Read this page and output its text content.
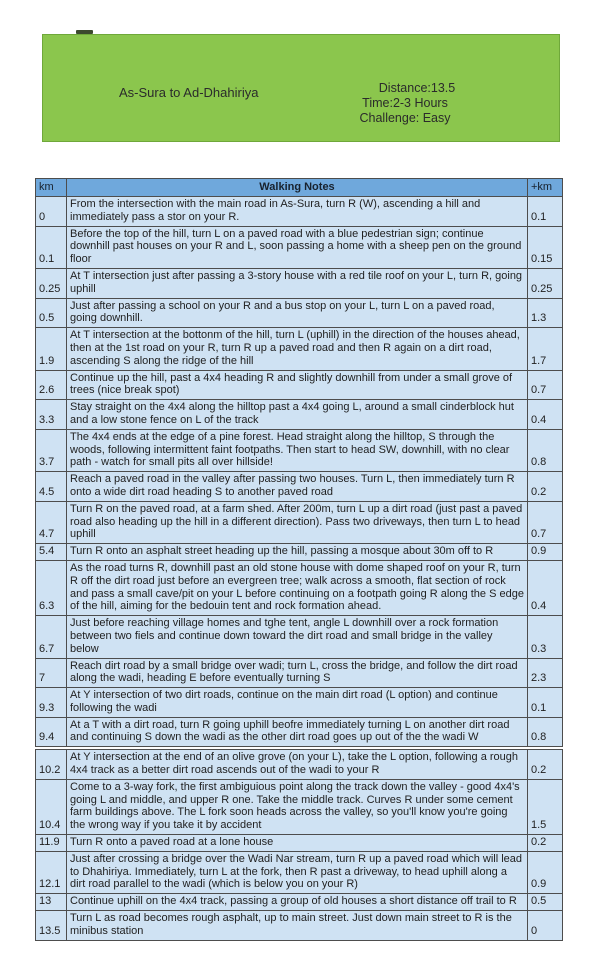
As-Sura to Ad-Dhahiriya	Distance:13.5
Time:2-3 Hours
Challenge: Easy
km	Walking Notes	+km
0	From the intersection with the main road in As-Sura, turn R (W), ascending a hill and immediately pass a stor on your R.	0.1
0.1	Before the top of the hill, turn L on a paved road with a blue pedestrian sign; continue downhill past houses on your R and L, soon passing a home with a sheep pen on the ground floor	0.15
0.25	At T intersection just after passing a 3-story house with a red tile roof on your L, turn R, going uphill	0.25
0.5	Just after passing a school on your R and a bus stop on your L, turn L on a paved road, going downhill.	1.3
1.9	At T intersection at the bottonm of the hill, turn L (uphill) in the direction of the houses ahead, then at the 1st road on your R, turn R up a paved road and then R again on a dirt road, ascending S along the ridge of the hill	1.7
2.6	Continue up the hill, past a 4x4 heading R and slightly downhill from under a small grove of trees (nice break spot)	0.7
3.3	Stay straight on the 4x4 along the hilltop past a 4x4 going L, around a small cinderblock hut and a low stone fence on L of the track	0.4
3.7	The 4x4 ends at the edge of a pine forest. Head straight along the hilltop, S through the woods, following intermittent faint footpaths. Then start to head SW, downhill, with no clear path - watch for small pits all over hillside!	0.8
4.5	Reach a paved road in the valley after passing two houses. Turn L, then immediately turn R onto a wide dirt road heading S to another paved road	0.2
4.7	Turn R on the paved road, at a farm shed. After 200m, turn L up a dirt road (just past a paved road also heading up the hill in a different direction). Pass two driveways, then turn L to head uphill	0.7
5.4	Turn R onto an asphalt street heading up the hill, passing a mosque about 30m off to R	0.9
6.3	As the road turns R, downhill past an old stone house with dome shaped roof on your R, turn R off the dirt road just before an evergreen tree; walk across a smooth, flat section of rock and pass a small cave/pit on your L before continuing on a footpath going R along the S edge of the hill, aiming for the bedouin tent and rock formation ahead.	0.4
6.7	Just before reaching village homes and tghe tent, angle L downhill over a rock formation between two fiels and continue down toward the dirt road and small bridge in the valley below	0.3
7	Reach dirt road by a small bridge over wadi; turn L, cross the bridge, and follow the dirt road along the wadi, heading E before eventually turning S	2.3
9.3	At Y intersection of two dirt roads, continue on the main dirt road (L option) and continue following the wadi	0.1
9.4	At a T with a dirt road, turn R going uphill beofre immediately turning L on another dirt road and continuing S down the wadi as the other dirt road goes up out of the the wadi W	0.8

10.2	At Y intersection at the end of an olive grove (on your L), take the L option, following a rough 4x4 track as a better dirt road ascends out of the wadi to your R	0.2
10.4	Come to a 3-way fork, the first ambiguious point along the track down the valley - good 4x4's going L and middle, and upper R one. Take the middle track. Curves R under some cement farm buildings above. The L fork soon heads across the valley, so you'll know you're going the wrong way if you take it by accident	1.5
11.9	Turn R onto a paved road at a lone house	0.2
12.1	Just after crossing a bridge over the Wadi Nar stream, turn R up a paved road which will lead to Dhahiriya. Immediately, turn L at the fork, then R past a driveway, to head uphill along a dirt road parallel to the wadi (which is below you on your R)	0.9
13	Continue uphill on the 4x4 track, passing a group of old houses a short distance off trail to R	0.5
13.5	Turn L as road becomes rough asphalt, up to main street. Just down main street to R is the minibus station	0
